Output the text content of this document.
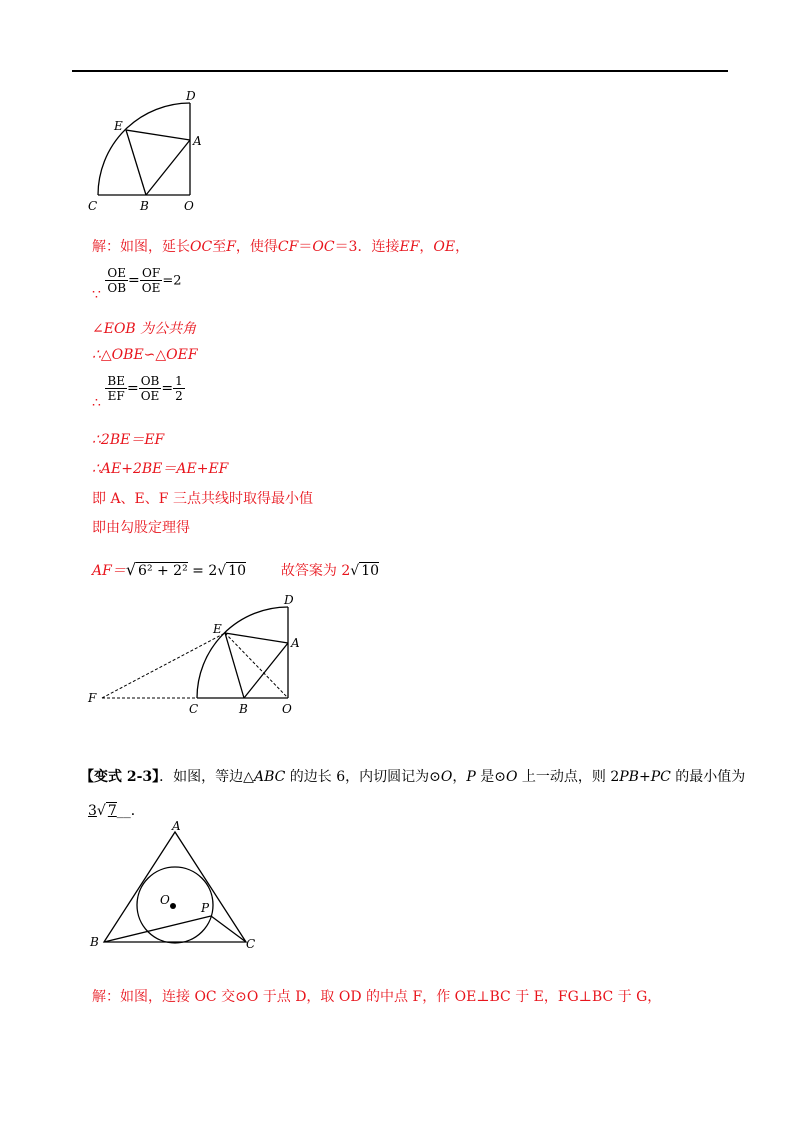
D
E
A
C	B	O
解：如图，延长OC至F，使得CF＝OC＝3．连接EF，OE，
∵ $\frac{OE}{OB} = \frac{OF}{OE} =2$
∠EOB 为公共角
∴△OBE∽△OEF
∴ $\frac{BE}{EF} = \frac{OB}{OE} = \frac{1}{2}$
∴2BE＝EF
∴AE+2BE＝AE+EF
即 A、E、F 三点共线时取得最小值
即由勾股定理得
AF＝√ 6² + 2² = 2√ 10 故答案为 2√ 10
D
E
A
F
C	B	O
【变式 2-3】．如图，等边△ABC 的边长 6，内切圆记为⊙O，P 是⊙O 上一动点，则 2PB+PC 的最小值为
3√ 7__．
A
O
P
B	C
解：如图，连接 OC 交⊙O 于点 D，取 OD 的中点 F，作 OE⊥BC 于 E，FG⊥BC 于 G，
